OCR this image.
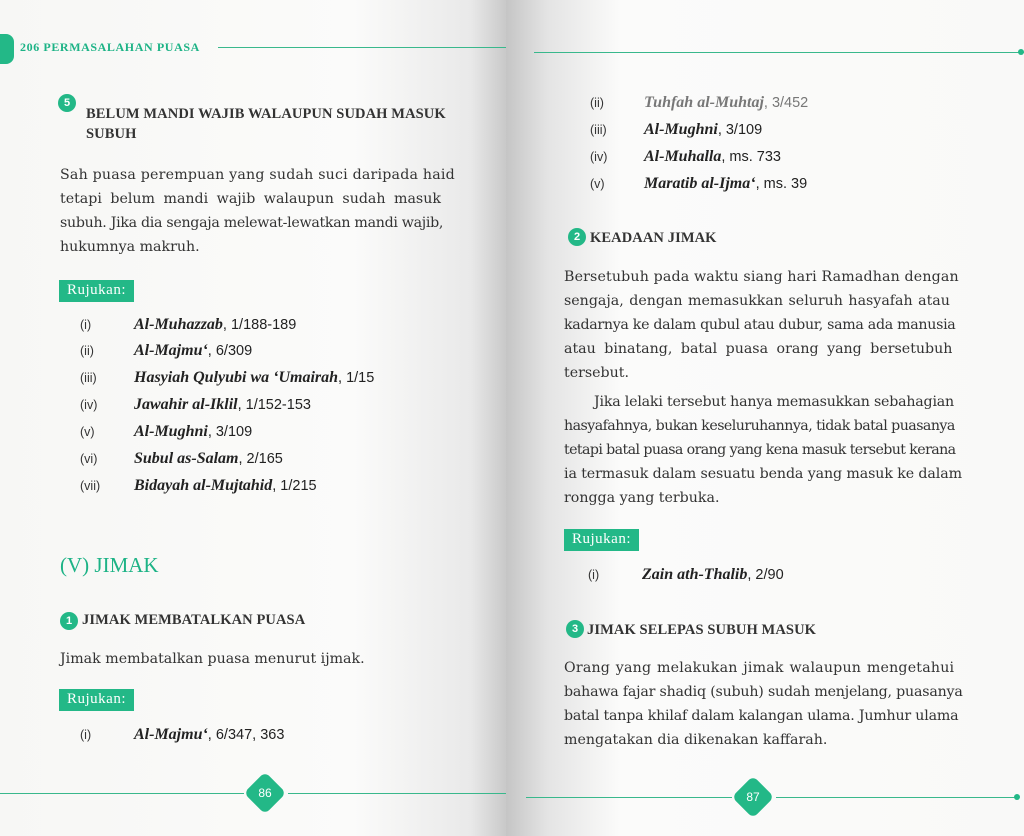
206 PERMASALAHAN PUASA
5
BELUM MANDI WAJIB WALAUPUN SUDAH MASUK
SUBUH
Sah puasa perempuan yang sudah suci daripada haid
tetapi belum mandi wajib walaupun sudah masuk
subuh. Jika dia sengaja melewat-lewatkan mandi wajib,
hukumnya makruh.
Rujukan:
(i)	Al-Muhazzab , 1/188-189
(ii)	Al-Majmu‘ , 6/309
(iii)	Hasyiah Qulyubi wa ‘Umairah , 1/15
(iv)	Jawahir al-Iklil , 1/152-153
(v)	Al-Mughni , 3/109
(vi)	Subul as-Salam , 2/165
(vii)	Bidayah al-Mujtahid , 1/215
(V) JIMAK
1 JIMAK MEMBATALKAN PUASA
Jimak membatalkan puasa menurut ijmak.
Rujukan:
(i)	Al-Majmu‘ , 6/347, 363
86
(ii)	Tuhfah al-Muhtaj , 3/452
(iii)	Al-Mughni , 3/109
(iv)	Al-Muhalla , ms. 733
(v)	Maratib al-Ijma‘ , ms. 39
2 KEADAAN JIMAK
Bersetubuh pada waktu siang hari Ramadhan dengan
sengaja, dengan memasukkan seluruh hasyafah atau
kadarnya ke dalam qubul atau dubur, sama ada manusia
atau binatang, batal puasa orang yang bersetubuh
tersebut.
Jika lelaki tersebut hanya memasukkan sebahagian
hasyafahnya, bukan keseluruhannya, tidak batal puasanya
tetapi batal puasa orang yang kena masuk tersebut kerana
ia termasuk dalam sesuatu benda yang masuk ke dalam
rongga yang terbuka.
Rujukan:
(i)	Zain ath-Thalib , 2/90
3 JIMAK SELEPAS SUBUH MASUK
Orang yang melakukan jimak walaupun mengetahui
bahawa fajar shadiq (subuh) sudah menjelang, puasanya
batal tanpa khilaf dalam kalangan ulama. Jumhur ulama
mengatakan dia dikenakan kaffarah.
87
